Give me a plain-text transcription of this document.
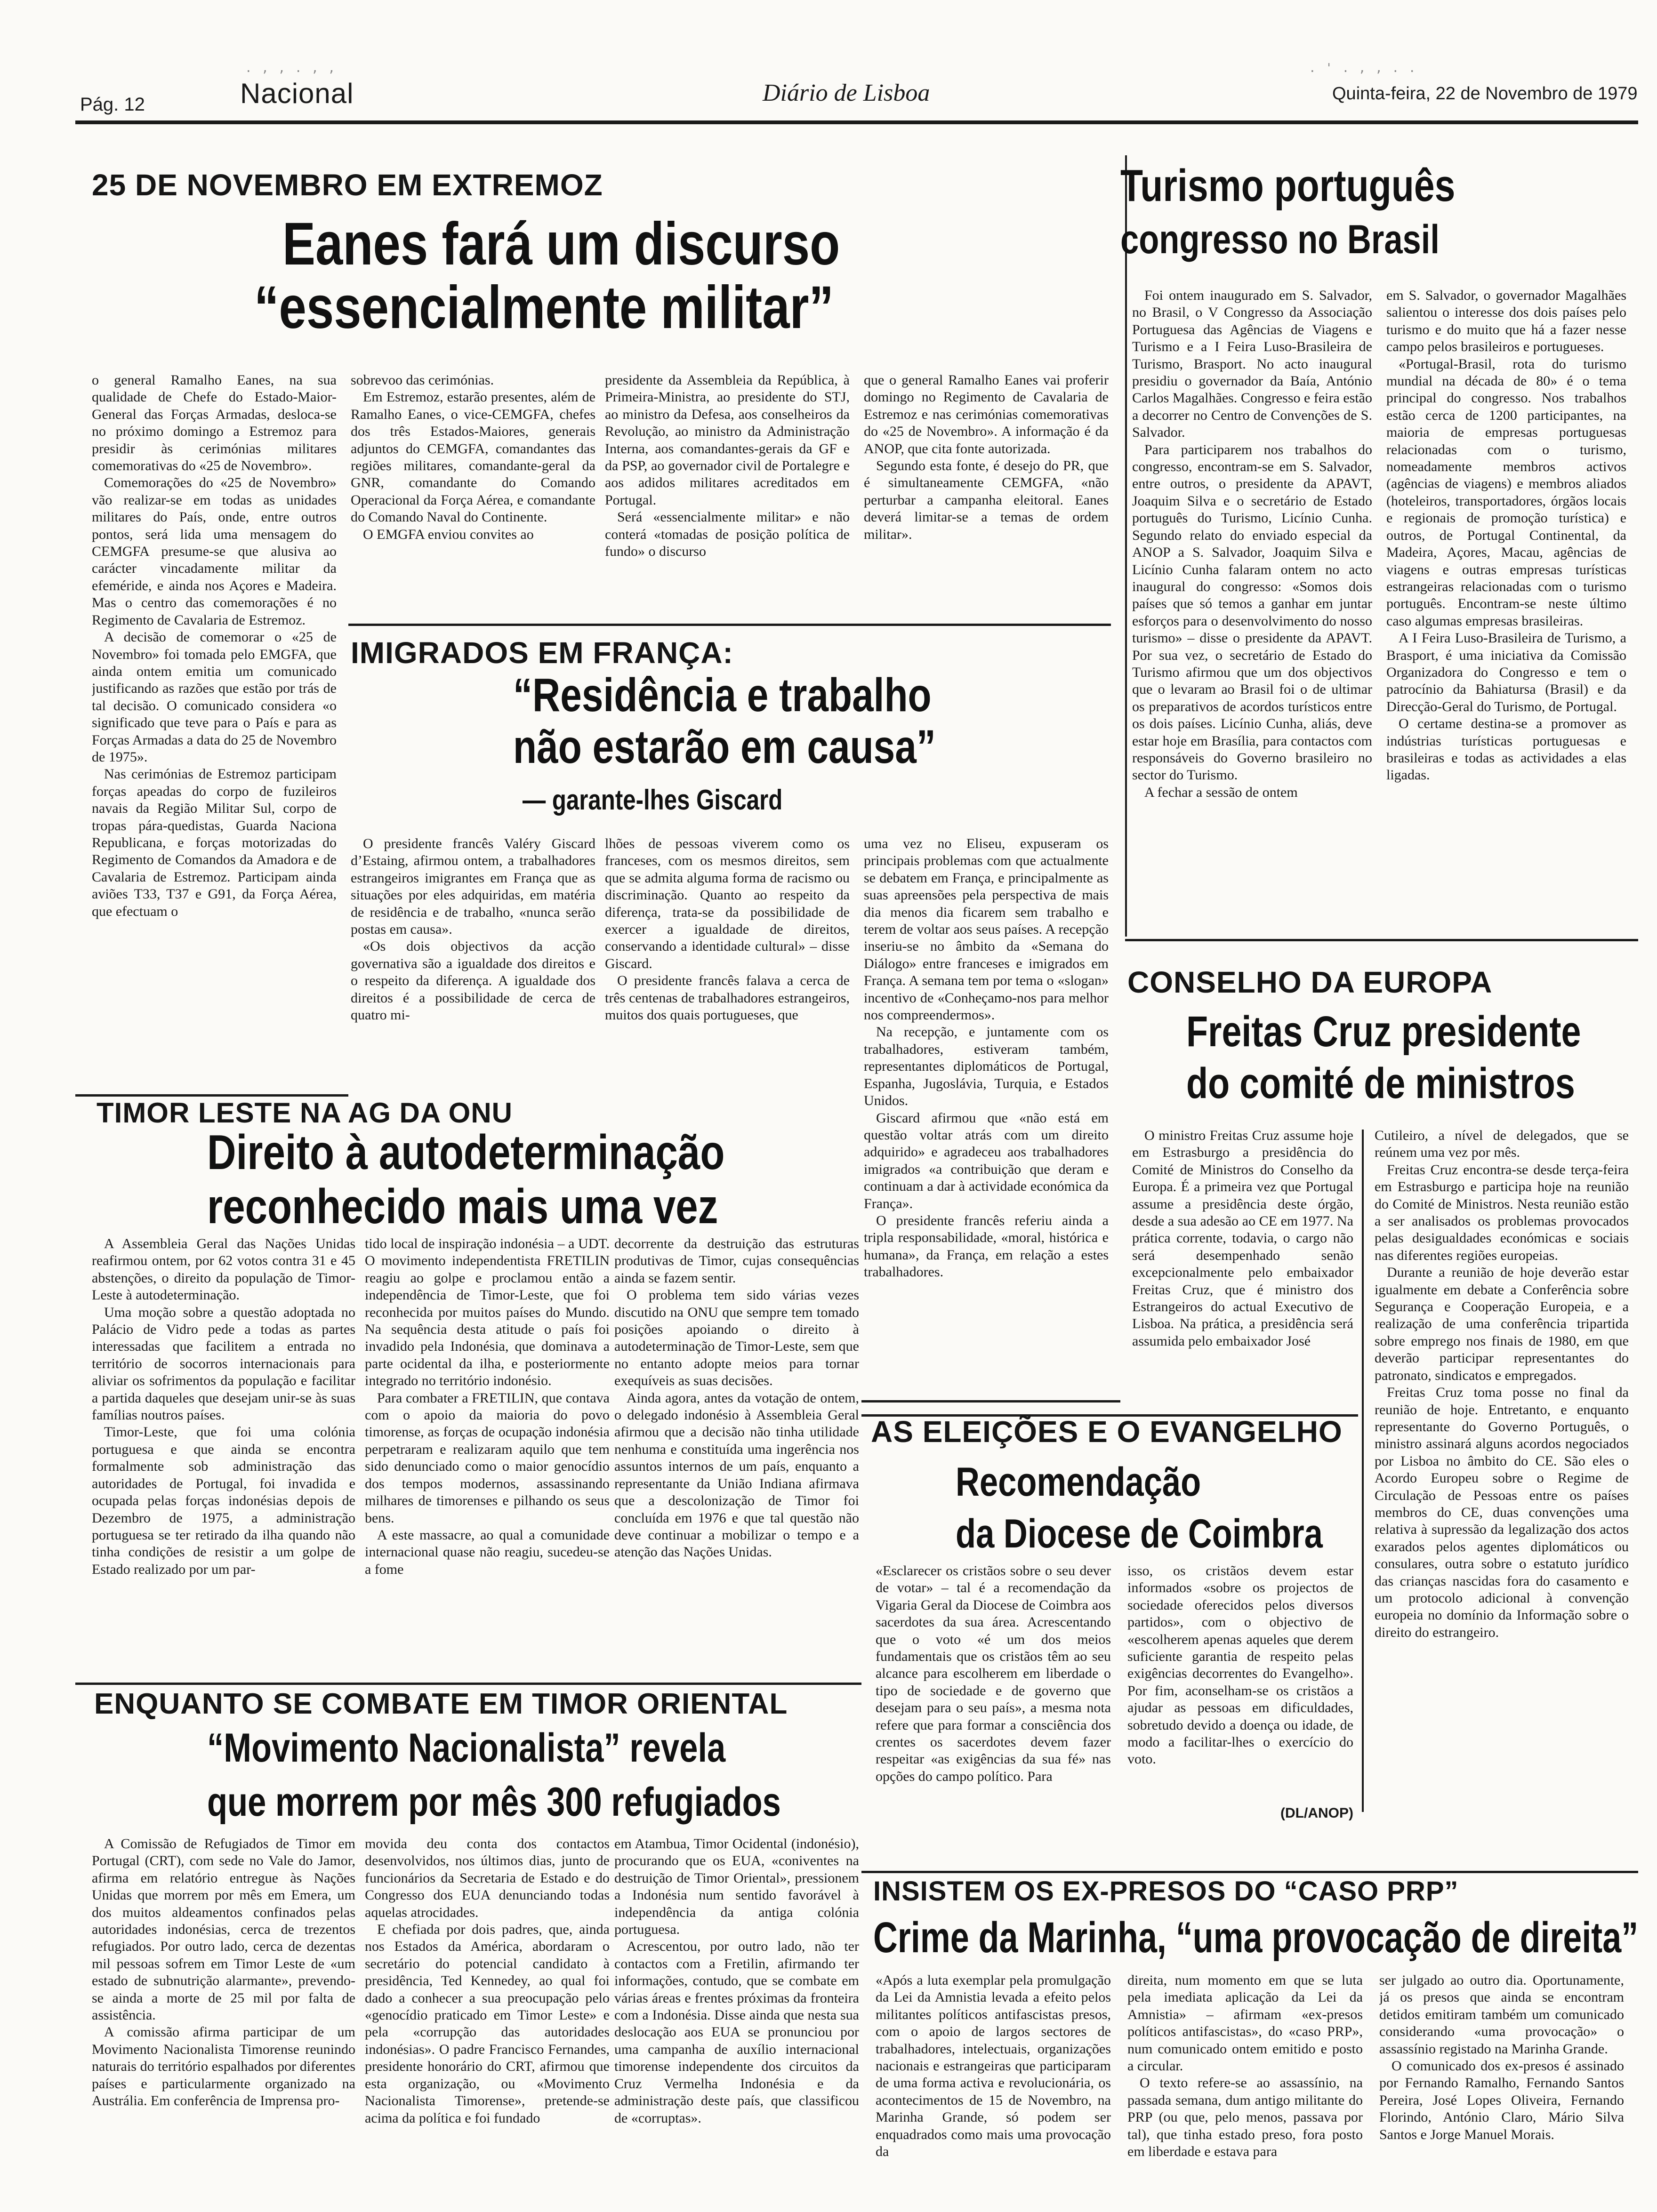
. , , . , ,	. ' . , , . .
Pág. 12	Nacional	Diário de Lisboa	Quinta-feira, 22 de Novembro de 1979
25 DE NOVEMBRO EM EXTREMOZ
Eanes fará um discurso
“essencialmente militar”

o general Ramalho Eanes, na sua qualidade de Chefe do Estado-Maior-General das Forças Armadas, desloca-se no próximo domingo a Estremoz para presidir às cerimónias militares comemorativas do «25 de Novembro».

Comemorações do «25 de Novembro» vão realizar-se em todas as unidades militares do País, onde, entre outros pontos, será lida uma mensagem do CEMGFA presume-se que alusiva ao carácter vincadamente militar da efeméride, e ainda nos Açores e Madeira. Mas o centro das comemorações é no Regimento de Cavalaria de Estremoz.

A decisão de comemorar o «25 de Novembro» foi tomada pelo EMGFA, que ainda ontem emitia um comunicado justificando as razões que estão por trás de tal decisão. O comunicado considera «o significado que teve para o País e para as Forças Armadas a data do 25 de Novembro de 1975».

Nas cerimónias de Estremoz participam forças apeadas do corpo de fuzileiros navais da Região Militar Sul, corpo de tropas pára-quedistas, Guarda Naciona Republicana, e forças motorizadas do Regimento de Comandos da Amadora e de Cavalaria de Estremoz. Participam ainda aviões T33, T37 e G91, da Força Aérea, que efectuam o

sobrevoo das cerimónias.

Em Estremoz, estarão presentes, além de Ramalho Eanes, o vice-CEMGFA, chefes dos três Estados-Maiores, generais adjuntos do CEMGFA, comandantes das regiões militares, comandante-geral da GNR, comandante do Comando Operacional da Força Aérea, e comandante do Comando Naval do Continente.

O EMGFA enviou convites ao

presidente da Assembleia da República, à Primeira-Ministra, ao presidente do STJ, ao ministro da Defesa, aos conselheiros da Revolução, ao ministro da Administração Interna, aos comandantes-gerais da GF e da PSP, ao governador civil de Portalegre e aos adidos militares acreditados em Portugal.

Será «essencialmente militar» e não conterá «tomadas de posição política de fundo» o discurso

que o general Ramalho Eanes vai proferir domingo no Regimento de Cavalaria de Estremoz e nas cerimónias comemorativas do «25 de Novembro». A informação é da ANOP, que cita fonte autorizada.

Segundo esta fonte, é desejo do PR, que é simultaneamente CEMGFA, «não perturbar a campanha eleitoral. Eanes deverá limitar-se a temas de ordem militar».

IMIGRADOS EM FRANÇA:
“Residência e trabalho
não estarão em causa”
— garante-lhes Giscard

O presidente francês Valéry Giscard d’Estaing, afirmou ontem, a trabalhadores estrangeiros imigrantes em França que as situações por eles adquiridas, em matéria de residência e de trabalho, «nunca serão postas em causa».

«Os dois objectivos da acção governativa são a igualdade dos direitos e o respeito da diferença. A igualdade dos direitos é a possibilidade de cerca de quatro mi-

lhões de pessoas viverem como os franceses, com os mesmos direitos, sem que se admita alguma forma de racismo ou discriminação. Quanto ao respeito da diferença, trata-se da possibilidade de exercer a igualdade de direitos, conservando a identidade cultural» – disse Giscard.

O presidente francês falava a cerca de três centenas de trabalhadores estrangeiros, muitos dos quais portugueses, que

uma vez no Eliseu, expuseram os principais problemas com que actualmente se debatem em França, e principalmente as suas apreensões pela perspectiva de mais dia menos dia ficarem sem trabalho e terem de voltar aos seus países. A recepção inseriu-se no âmbito da «Semana do Diálogo» entre franceses e imigrados em França. A semana tem por tema o «slogan» incentivo de «Conheçamo-nos para melhor nos compreendermos».

Na recepção, e juntamente com os trabalhadores, estiveram também, representantes diplomáticos de Portugal, Espanha, Jugoslávia, Turquia, e Estados Unidos.

Giscard afirmou que «não está em questão voltar atrás com um direito adquirido» e agradeceu aos trabalhadores imigrados «a contribuição que deram e continuam a dar à actividade económica da França».

O presidente francês referiu ainda a tripla responsabilidade, «moral, histórica e humana», da França, em relação a estes trabalhadores.

Turismo português
congresso no Brasil

Foi ontem inaugurado em S. Salvador, no Brasil, o V Congresso da Associação Portuguesa das Agências de Viagens e Turismo e a I Feira Luso-Brasileira de Turismo, Brasport. No acto inaugural presidiu o governador da Baía, António Carlos Magalhães. Congresso e feira estão a decorrer no Centro de Convenções de S. Salvador.

Para participarem nos trabalhos do congresso, encontram-se em S. Salvador, entre outros, o presidente da APAVT, Joaquim Silva e o secretário de Estado português do Turismo, Licínio Cunha. Segundo relato do enviado especial da ANOP a S. Salvador, Joaquim Silva e Licínio Cunha falaram ontem no acto inaugural do congresso: «Somos dois países que só temos a ganhar em juntar esforços para o desenvolvimento do nosso turismo» – disse o presidente da APAVT. Por sua vez, o secretário de Estado do Turismo afirmou que um dos objectivos que o levaram ao Brasil foi o de ultimar os preparativos de acordos turísticos entre os dois países. Licínio Cunha, aliás, deve estar hoje em Brasília, para contactos com responsáveis do Governo brasileiro no sector do Turismo.

A fechar a sessão de ontem

em S. Salvador, o governador Magalhães salientou o interesse dos dois países pelo turismo e do muito que há a fazer nesse campo pelos brasileiros e portugueses.

«Portugal-Brasil, rota do turismo mundial na década de 80» é o tema principal do congresso. Nos trabalhos estão cerca de 1200 participantes, na maioria de empresas portuguesas relacionadas com o turismo, nomeadamente membros activos (agências de viagens) e membros aliados (hoteleiros, transportadores, órgãos locais e regionais de promoção turística) e outros, de Portugal Continental, da Madeira, Açores, Macau, agências de viagens e outras empresas turísticas estrangeiras relacionadas com o turismo português. Encontram-se neste último caso algumas empresas brasileiras.

A I Feira Luso-Brasileira de Turismo, a Brasport, é uma iniciativa da Comissão Organizadora do Congresso e tem o patrocínio da Bahiatursa (Brasil) e da Direcção-Geral do Turismo, de Portugal.

O certame destina-se a promover as indústrias turísticas portuguesas e brasileiras e todas as actividades a elas ligadas.

TIMOR LESTE NA AG DA ONU
Direito à autodeterminação
reconhecido mais uma vez

A Assembleia Geral das Nações Unidas reafirmou ontem, por 62 votos contra 31 e 45 abstenções, o direito da população de Timor-Leste à autodeterminação.

Uma moção sobre a questão adoptada no Palácio de Vidro pede a todas as partes interessadas que facilitem a entrada no território de socorros internacionais para aliviar os sofrimentos da população e facilitar a partida daqueles que desejam unir-se às suas famílias noutros países.

Timor-Leste, que foi uma colónia portuguesa e que ainda se encontra formalmente sob administração das autoridades de Portugal, foi invadida e ocupada pelas forças indonésias depois de Dezembro de 1975, a administração portuguesa se ter retirado da ilha quando não tinha condições de resistir a um golpe de Estado realizado por um par-

tido local de inspiração indonésia – a UDT. O movimento independentista FRETILIN reagiu ao golpe e proclamou então a independência de Timor-Leste, que foi reconhecida por muitos países do Mundo. Na sequência desta atitude o país foi invadido pela Indonésia, que dominava a parte ocidental da ilha, e posteriormente integrado no território indonésio.

Para combater a FRETILIN, que contava com o apoio da maioria do povo timorense, as forças de ocupação indonésia perpetraram e realizaram aquilo que tem sido denunciado como o maior genocídio dos tempos modernos, assassinando milhares de timorenses e pilhando os seus bens.

A este massacre, ao qual a comunidade internacional quase não reagiu, sucedeu-se a fome

decorrente da destruição das estruturas produtivas de Timor, cujas consequências ainda se fazem sentir.

O problema tem sido várias vezes discutido na ONU que sempre tem tomado posições apoiando o direito à autodeterminação de Timor-Leste, sem que no entanto adopte meios para tornar exequíveis as suas decisões.

Ainda agora, antes da votação de ontem, o delegado indonésio à Assembleia Geral afirmou que a decisão não tinha utilidade nenhuma e constituída uma ingerência nos assuntos internos de um país, enquanto a representante da União Indiana afirmava que a descolonização de Timor foi concluída em 1976 e que tal questão não deve continuar a mobilizar o tempo e a atenção das Nações Unidas.

CONSELHO DA EUROPA
Freitas Cruz presidente
do comité de ministros

O ministro Freitas Cruz assume hoje em Estrasburgo a presidência do Comité de Ministros do Conselho da Europa. É a primeira vez que Portugal assume a presidência deste órgão, desde a sua adesão ao CE em 1977. Na prática corrente, todavia, o cargo não será desempenhado senão excepcionalmente pelo embaixador Freitas Cruz, que é ministro dos Estrangeiros do actual Executivo de Lisboa. Na prática, a presidência será assumida pelo embaixador José

Cutileiro, a nível de delegados, que se reúnem uma vez por mês.

Freitas Cruz encontra-se desde terça-feira em Estrasburgo e participa hoje na reunião do Comité de Ministros. Nesta reunião estão a ser analisados os problemas provocados pelas desigualdades económicas e sociais nas diferentes regiões europeias.

Durante a reunião de hoje deverão estar igualmente em debate a Conferência sobre Segurança e Cooperação Europeia, e a realização de uma conferência tripartida sobre emprego nos finais de 1980, em que deverão participar representantes do patronato, sindicatos e empregados.

Freitas Cruz toma posse no final da reunião de hoje. Entretanto, e enquanto representante do Governo Português, o ministro assinará alguns acordos negociados por Lisboa no âmbito do CE. São eles o Acordo Europeu sobre o Regime de Circulação de Pessoas entre os países membros do CE, duas convenções uma relativa à supressão da legalização dos actos exarados pelos agentes diplomáticos ou consulares, outra sobre o estatuto jurídico das crianças nascidas fora do casamento e um protocolo adicional à convenção europeia no domínio da Informação sobre o direito do estrangeiro.

AS ELEIÇÕES E O EVANGELHO
Recomendação
da Diocese de Coimbra

«Esclarecer os cristãos sobre o seu dever de votar» – tal é a recomendação da Vigaria Geral da Diocese de Coimbra aos sacerdotes da sua área. Acrescentando que o voto «é um dos meios fundamentais que os cristãos têm ao seu alcance para escolherem em liberdade o tipo de sociedade e de governo que desejam para o seu país», a mesma nota refere que para formar a consciência dos crentes os sacerdotes devem fazer respeitar «as exigências da sua fé» nas opções do campo político. Para

isso, os cristãos devem estar informados «sobre os projectos de sociedade oferecidos pelos diversos partidos», com o objectivo de «escolherem apenas aqueles que derem suficiente garantia de respeito pelas exigências decorrentes do Evangelho». Por fim, aconselham-se os cristãos a ajudar as pessoas em dificuldades, sobretudo devido a doença ou idade, de modo a facilitar-lhes o exercício do voto.

(DL/ANOP)

ENQUANTO SE COMBATE EM TIMOR ORIENTAL
“Movimento Nacionalista” revela
que morrem por mês 300 refugiados

A Comissão de Refugiados de Timor em Portugal (CRT), com sede no Vale do Jamor, afirma em relatório entregue às Nações Unidas que morrem por mês em Emera, um dos muitos aldeamentos confinados pelas autoridades indonésias, cerca de trezentos refugiados. Por outro lado, cerca de dezentas mil pessoas sofrem em Timor Leste de «um estado de subnutrição alarmante», prevendo-se ainda a morte de 25 mil por falta de assistência.

A comissão afirma participar de um Movimento Nacionalista Timorense reunindo naturais do território espalhados por diferentes países e particularmente organizado na Austrália. Em conferência de Imprensa pro-

movida deu conta dos contactos desenvolvidos, nos últimos dias, junto de funcionários da Secretaria de Estado e do Congresso dos EUA denunciando todas aquelas atrocidades.

E chefiada por dois padres, que, ainda nos Estados da América, abordaram o secretário do potencial candidato à presidência, Ted Kennedey, ao qual foi dado a conhecer a sua preocupação pelo «genocídio praticado em Timor Leste» e pela «corrupção das autoridades indonésias». O padre Francisco Fernandes, presidente honorário do CRT, afirmou que esta organização, ou «Movimento Nacionalista Timorense», pretende-se acima da política e foi fundado

em Atambua, Timor Ocidental (indonésio), procurando que os EUA, «coniventes na destruição de Timor Oriental», pressionem a Indonésia num sentido favorável à independência da antiga colónia portuguesa.

Acrescentou, por outro lado, não ter contactos com a Fretilin, afirmando ter informações, contudo, que se combate em várias áreas e frentes próximas da fronteira com a Indonésia. Disse ainda que nesta sua deslocação aos EUA se pronunciou por uma campanha de auxílio internacional timorense independente dos circuitos da Cruz Vermelha Indonésia e da administração deste país, que classificou de «corruptas».

INSISTEM OS EX-PRESOS DO “CASO PRP”
Crime da Marinha, “uma provocação de direita”

«Após a luta exemplar pela promulgação da Lei da Amnistia levada a efeito pelos militantes políticos antifascistas presos, com o apoio de largos sectores de trabalhadores, intelectuais, organizações nacionais e estrangeiras que participaram de uma forma activa e revolucionária, os acontecimentos de 15 de Novembro, na Marinha Grande, só podem ser enquadrados como mais uma provocação da

direita, num momento em que se luta pela imediata aplicação da Lei da Amnistia» – afirmam «ex-presos políticos antifascistas», do «caso PRP», num comunicado ontem emitido e posto a circular.

O texto refere-se ao assassínio, na passada semana, dum antigo militante do PRP (ou que, pelo menos, passava por tal), que tinha estado preso, fora posto em liberdade e estava para

ser julgado ao outro dia. Oportunamente, já os presos que ainda se encontram detidos emitiram também um comunicado considerando «uma provocação» o assassínio registado na Marinha Grande.

O comunicado dos ex-presos é assinado por Fernando Ramalho, Fernando Santos Pereira, José Lopes Oliveira, Fernando Florindo, António Claro, Mário Silva Santos e Jorge Manuel Morais.
